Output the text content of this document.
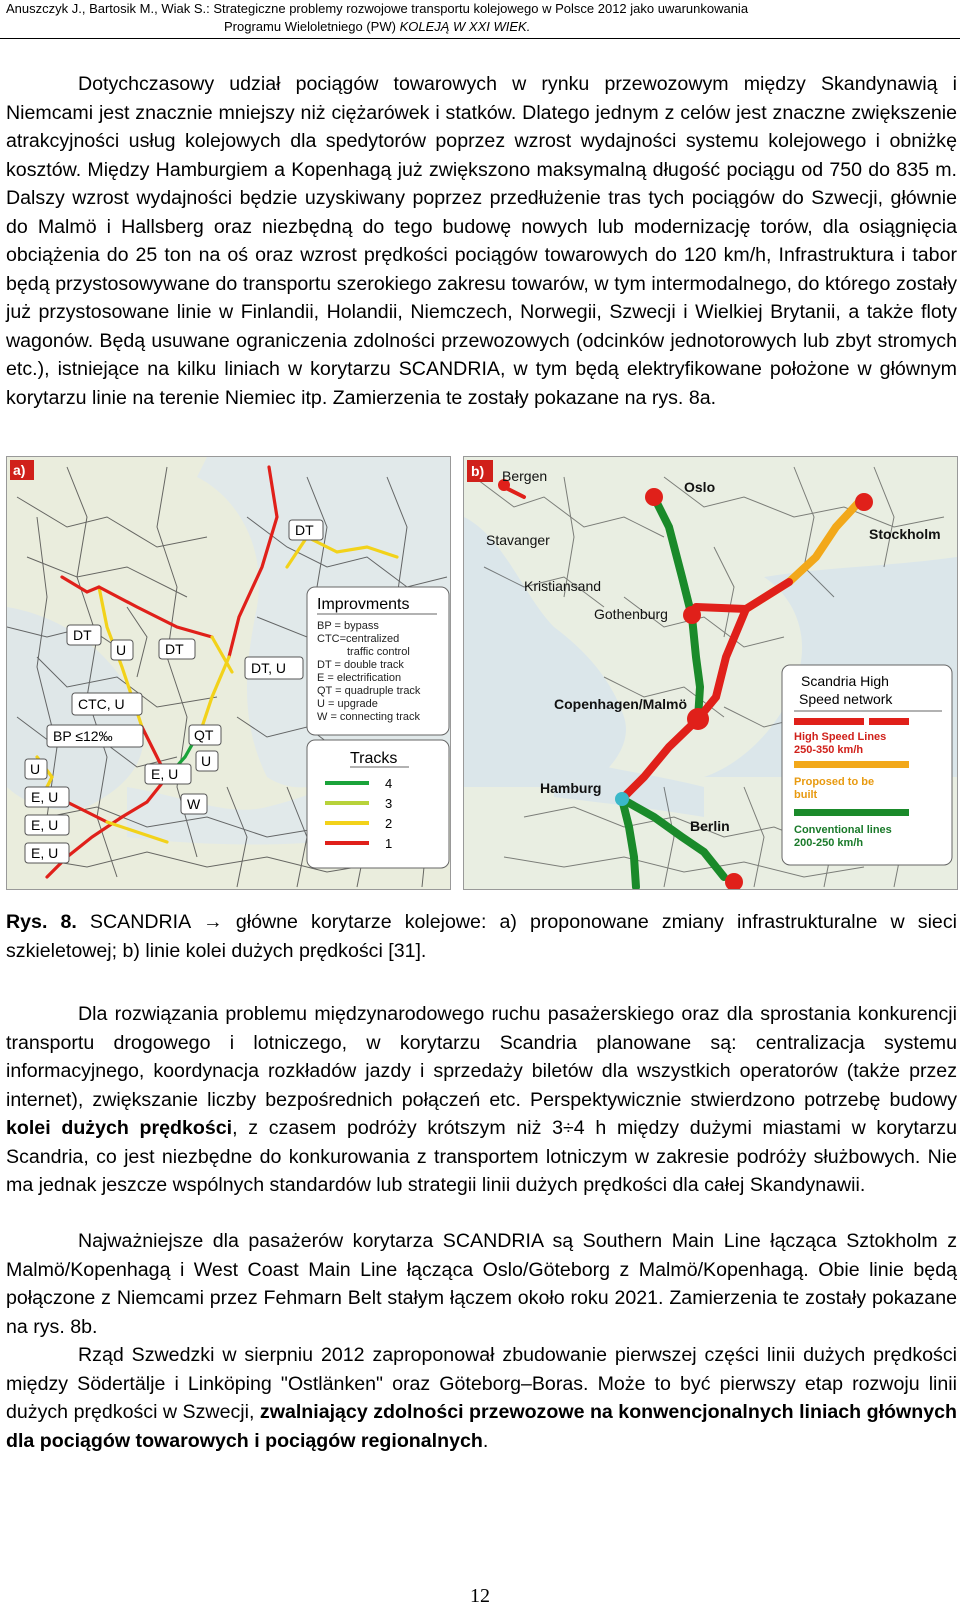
Anuszczyk J., Bartosik M., Wiak S.: Strategiczne problemy rozwojowe transportu kolejowego w Polsce 2012 jako uwarunkowania
Programu Wieloletniego (PW) KOLEJĄ W XXI WIEK.
Dotychczasowy udział pociągów towarowych w rynku przewozowym między Skandynawią i Niemcami jest znacznie mniejszy niż ciężarówek i statków. Dlatego jednym z celów jest znaczne zwiększenie atrakcyjności usług kolejowych dla spedytorów poprzez wzrost wydajności systemu kolejowego i obniżkę kosztów. Między Hamburgiem a Kopenhagą już zwiększono maksymalną długość pociągu od 750 do 835 m. Dalszy wzrost wydajności będzie uzyskiwany poprzez przedłużenie tras tych pociągów do Szwecji, głównie do Malmö i Hallsberg oraz niezbędną do tego budowę nowych lub modernizację torów, dla osiągnięcia obciążenia do 25 ton na oś oraz wzrost prędkości pociągów towarowych do 120 km/h, Infrastruktura i tabor będą przystosowywane do transportu szerokiego zakresu towarów, w tym intermodalnego, do którego zostały już przystosowane linie w Finlandii, Holandii, Niemczech, Norwegii, Szwecji i Wielkiej Brytanii, a także floty wagonów. Będą usuwane ograniczenia zdolności przewozowych (odcinków jednotorowych lub zbyt stromych etc.), istniejące na kilku liniach w korytarzu SCANDRIA, w tym będą elektryfikowane położone w głównym korytarzu linie na terenie Niemiec itp. Zamierzenia te zostały pokazane na rys. 8a.
a)
DT
DT
U	DT
DT, U
CTC, U
BP ≤12‰	QT
U
U	E, U
W
E, U
E, U
E, U
Improvments
BP = bypass
CTC=centralized
traffic control
DT = double track
E = electrification
QT = quadruple track
U = upgrade
W = connecting track
Tracks
4
3
2
1
b) Bergen
Oslo
Stockholm
Stavanger
Kristiansand
Gothenburg
Copenhagen/Malmö
Hamburg
Berlin
Scandria High
Speed network
High Speed Lines
250-350 km/h
Proposed to be
built
Conventional lines
200-250 km/h
Rys. 8. SCANDRIA → główne korytarze kolejowe: a) proponowane zmiany infrastrukturalne w sieci szkieletowej; b) linie kolei dużych prędkości [31].
Dla rozwiązania problemu międzynarodowego ruchu pasażerskiego oraz dla sprostania konkurencji transportu drogowego i lotniczego, w korytarzu Scandria planowane są: centralizacja systemu informacyjnego, koordynacja rozkładów jazdy i sprzedaży biletów dla wszystkich operatorów (także przez internet), zwiększanie liczby bezpośrednich połączeń etc. Perspektywicznie stwierdzono potrzebę budowy kolei dużych prędkości, z czasem podróży krótszym niż 3÷4 h między dużymi miastami w korytarzu Scandria, co jest niezbędne do konkurowania z transportem lotniczym w zakresie podróży służbowych. Nie ma jednak jeszcze wspólnych standardów lub strategii linii dużych prędkości dla całej Skandynawii.
Najważniejsze dla pasażerów korytarza SCANDRIA są Southern Main Line łącząca Sztokholm z Malmö/Kopenhagą i West Coast Main Line łącząca Oslo/Göteborg z Malmö/Kopenhagą. Obie linie będą połączone z Niemcami przez Fehmarn Belt stałym łączem około roku 2021. Zamierzenia te zostały pokazane na rys. 8b.
Rząd Szwedzki w sierpniu 2012 zaproponował zbudowanie pierwszej części linii dużych prędkości między Södertälje i Linköping "Ostlänken" oraz Göteborg–Boras. Może to być pierwszy etap rozwoju linii dużych prędkości w Szwecji, zwalniający zdolności przewozowe na konwencjonalnych liniach głównych dla pociągów towarowych i pociągów regionalnych.
12
